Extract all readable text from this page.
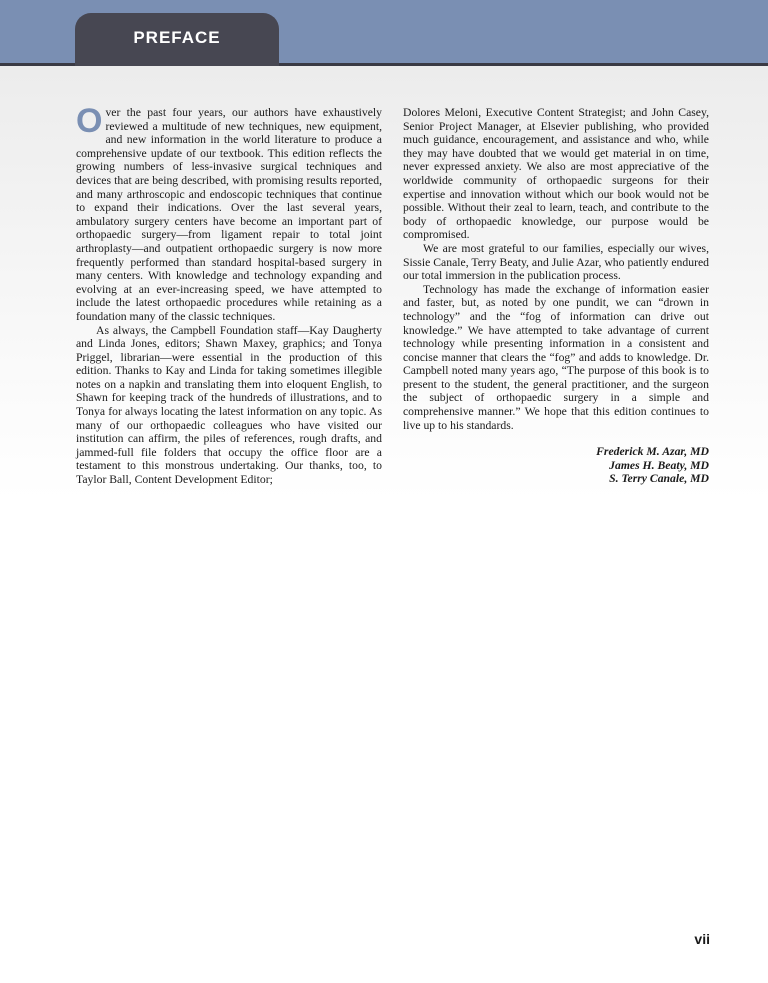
PREFACE

Over the past four years, our authors have exhaustively reviewed a multitude of new techniques, new equipment, and new information in the world literature to produce a comprehensive update of our textbook. This edition reflects the growing numbers of less-invasive surgical techniques and devices that are being described, with promising results reported, and many arthroscopic and endoscopic techniques that continue to expand their indications. Over the last several years, ambulatory surgery centers have become an important part of orthopaedic surgery—from ligament repair to total joint arthroplasty—and outpatient orthopaedic surgery is now more frequently performed than standard hospital-based surgery in many centers. With knowledge and technology expanding and evolving at an ever-increasing speed, we have attempted to include the latest orthopaedic procedures while retaining as a foundation many of the classic techniques.

As always, the Campbell Foundation staff—Kay Daugherty and Linda Jones, editors; Shawn Maxey, graphics; and Tonya Priggel, librarian—were essential in the production of this edition. Thanks to Kay and Linda for taking sometimes illegible notes on a napkin and translating them into eloquent English, to Shawn for keeping track of the hundreds of illustrations, and to Tonya for always locating the latest information on any topic. As many of our orthopaedic colleagues who have visited our institution can affirm, the piles of references, rough drafts, and jammed-full file folders that occupy the office floor are a testament to this monstrous undertaking. Our thanks, too, to Taylor Ball, Content Development Editor;

Dolores Meloni, Executive Content Strategist; and John Casey, Senior Project Manager, at Elsevier publishing, who provided much guidance, encouragement, and assistance and who, while they may have doubted that we would get material in on time, never expressed anxiety. We also are most appreciative of the worldwide community of orthopaedic surgeons for their expertise and innovation without which our book would not be possible. Without their zeal to learn, teach, and contribute to the body of orthopaedic knowledge, our purpose would be compromised.

We are most grateful to our families, especially our wives, Sissie Canale, Terry Beaty, and Julie Azar, who patiently endured our total immersion in the publication process.

Technology has made the exchange of information easier and faster, but, as noted by one pundit, we can “drown in technology” and the “fog of information can drive out knowledge.” We have attempted to take advantage of current technology while presenting information in a consistent and concise manner that clears the “fog” and adds to knowledge. Dr. Campbell noted many years ago, “The purpose of this book is to present to the student, the general practitioner, and the surgeon the subject of orthopaedic surgery in a simple and comprehensive manner.” We hope that this edition continues to live up to his standards.

Frederick M. Azar, MD
James H. Beaty, MD
S. Terry Canale, MD
vii
